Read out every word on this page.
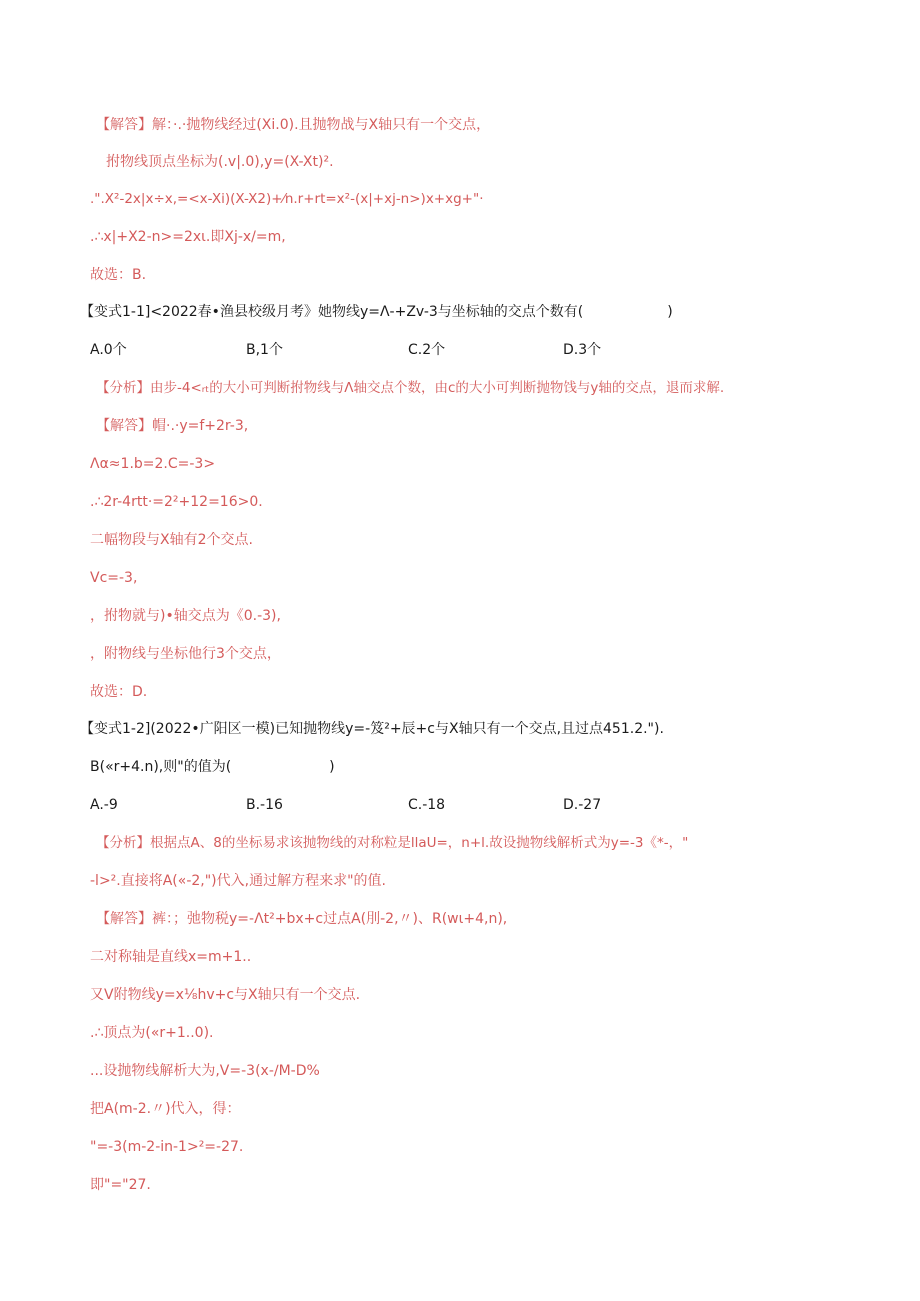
【解答】解：·.·抛物线经过(Xi.0).且抛物战与X轴只有一个交点，
拊物线顶点坐标为(.v|.0),y=(X-Xt)².
.".X²-2x|x÷x,=<x-Xi)(X-X2)+⁄n.r+rt=x²-(x|+xj-n>)x+xg+"·
.∴x|+X2-n>=2xι.即Xj-x/=m,
故选：B.
【变式1-1]<2022春•渔县校级月考》她物线y=Λ-+Zv-3与坐标轴的交点个数有(　　　　　　)
A.0个	B,1个	C.2个	D.3个
【分析】由步-4<ᵣₜ的大小可判断拊物线与Λ轴交点个数，由c的大小可判断抛物饯与y轴的交点，退而求解.
【解答】帽·.·y=f+2r-3,
Λα≈1.b=2.C=-3>
.∴2r-4rtt·=2²+12=16>0.
二幅物段与X轴有2个交点.
Vc=-3,
，拊物就与)•轴交点为《0.-3),
，附物线与坐标他行3个交点，
故选：D.
【变式1-2](2022•广阳区一模)已知抛物线y=-笈²+辰+c与X轴只有一个交点,且过点451.2.").
B(«r+4.n),则"的值为(　　　　　　　)
A.-9	B.-16	C.-18	D.-27
【分析】根据点A、8的坐标易求该抛物线的对称粒是llaU=，n+l.故设抛物线解析式为y=-3《*-，"
-l>².直接将A(«-2,")代入,通过解方程来求"的值.
【解答】裤：；弛物税y=-Λt²+bx+c过点A(刖-2,〃)、R(wι+4,n),
二对称轴是直线x=m+1..
又V附物线y=x⅛hv+c与X轴只有一个交点.
.∴顶点为(«r+1..0).
...设抛物线解析大为,V=-3(x-∕M-D%
把A(m-2.〃)代入，得：
"=-3(m-2-in-1>²=-27.
即"="27.
